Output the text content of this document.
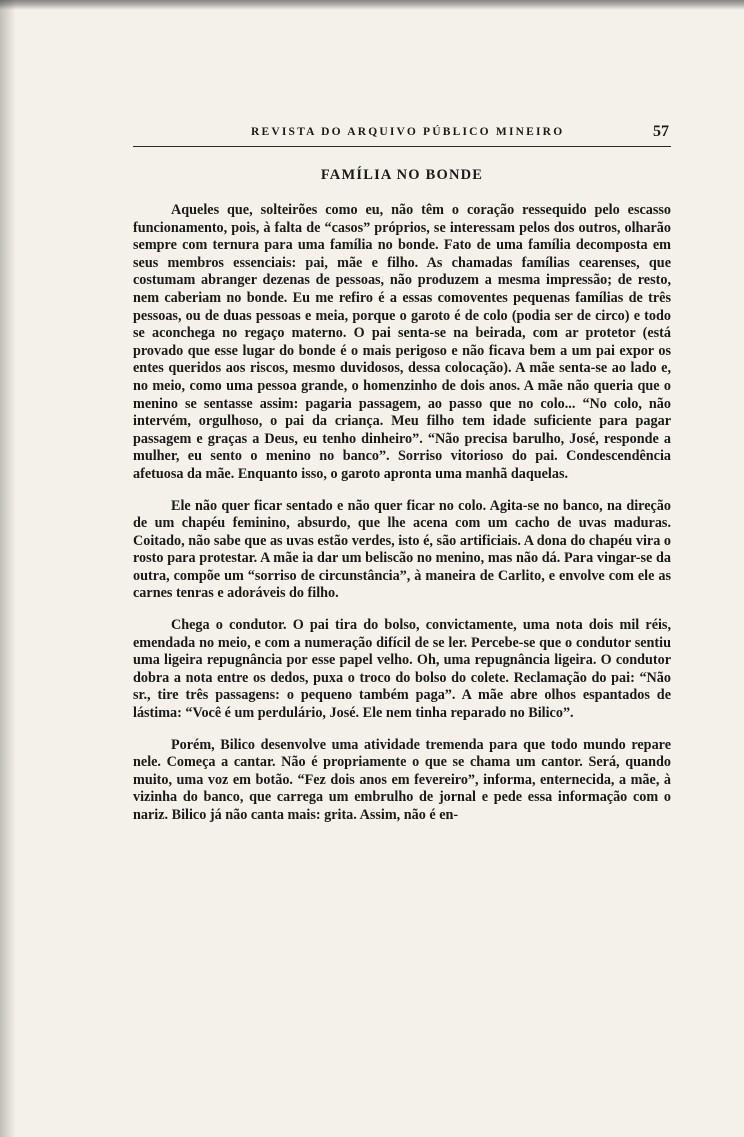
REVISTA DO ARQUIVO PÚBLICO MINEIRO	57
FAMÍLIA NO BONDE

Aqueles que, solteirões como eu, não têm o coração ressequido pelo escasso funcionamento, pois, à falta de “casos” próprios, se interessam pelos dos outros, olharão sempre com ternura para uma família no bonde. Fato de uma família decomposta em seus membros essenciais: pai, mãe e filho. As chamadas famílias cearenses, que costumam abranger dezenas de pessoas, não produzem a mesma impressão; de resto, nem caberiam no bonde. Eu me refiro é a essas comoventes pequenas famílias de três pessoas, ou de duas pessoas e meia, porque o garoto é de colo (podia ser de circo) e todo se aconchega no regaço materno. O pai senta-se na beirada, com ar protetor (está provado que esse lugar do bonde é o mais perigoso e não ficava bem a um pai expor os entes queridos aos riscos, mesmo duvidosos, dessa colocação). A mãe senta-se ao lado e, no meio, como uma pessoa grande, o homenzinho de dois anos. A mãe não queria que o menino se sentasse assim: pagaria passagem, ao passo que no colo... “No colo, não intervém, orgulhoso, o pai da criança. Meu filho tem idade suficiente para pagar passagem e graças a Deus, eu tenho dinheiro”. “Não precisa barulho, José, responde a mulher, eu sento o menino no banco”. Sorriso vitorioso do pai. Condescendência afetuosa da mãe. Enquanto isso, o garoto apronta uma manhã daquelas.

Ele não quer ficar sentado e não quer ficar no colo. Agita-se no banco, na direção de um chapéu feminino, absurdo, que lhe acena com um cacho de uvas maduras. Coitado, não sabe que as uvas estão verdes, isto é, são artificiais. A dona do chapéu vira o rosto para protestar. A mãe ia dar um beliscão no menino, mas não dá. Para vingar-se da outra, compõe um “sorriso de circunstância”, à maneira de Carlito, e envolve com ele as carnes tenras e adoráveis do filho.

Chega o condutor. O pai tira do bolso, convictamente, uma nota dois mil réis, emendada no meio, e com a numeração difícil de se ler. Percebe-se que o condutor sentiu uma ligeira repugnância por esse papel velho. Oh, uma repugnância ligeira. O condutor dobra a nota entre os dedos, puxa o troco do bolso do colete. Reclamação do pai: “Não sr., tire três passagens: o pequeno também paga”. A mãe abre olhos espantados de lástima: “Você é um perdulário, José. Ele nem tinha reparado no Bilico”.

Porém, Bilico desenvolve uma atividade tremenda para que todo mundo repare nele. Começa a cantar. Não é propriamente o que se chama um cantor. Será, quando muito, uma voz em botão. “Fez dois anos em fevereiro”, informa, enternecida, a mãe, à vizinha do banco, que carrega um embrulho de jornal e pede essa informação com o nariz. Bilico já não canta mais: grita. Assim, não é en-
